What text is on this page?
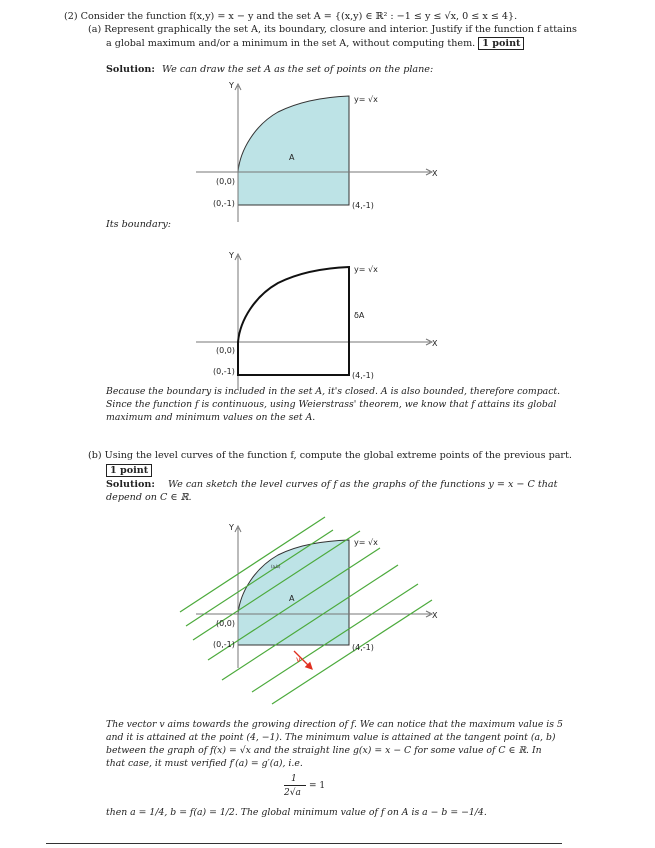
(2) Consider the function f(x,y) = x − y and the set A = {(x,y) ∈ ℝ² : −1 ≤ y ≤ √x, 0 ≤ x ≤ 4}.
(a) Represent graphically the set A, its boundary, closure and interior. Justify if the function f attains
a global maximum and/or a minimum in the set A, without computing them. 1 point
Solution: We can draw the set A as the set of points on the plane:
Its boundary:
Because the boundary is included in the set A, it's closed. A is also bounded, therefore compact.
Since the function f is continuous, using Weierstrass' theorem, we know that f attains its global
maximum and minimum values on the set A.
(b) Using the level curves of the function f, compute the global extreme points of the previous part.
1 point
Solution: We can sketch the level curves of f as the graphs of the functions y = x − C that
depend on C ∈ ℝ.
The vector v aims towards the growing direction of f. We can notice that the maximum value is 5
and it is attained at the point (4, −1). The minimum value is attained at the tangent point (a, b)
between the graph of f(x) = √x and the straight line g(x) = x − C for some value of C ∈ ℝ. In
that case, it must verified f′(a) = g′(a), i.e.
1
2√a
= 1
then a = 1/4, b = f(a) = 1/2. The global minimum value of f on A is a − b = −1/4.
Y
X
y= √x
A
(0,0)
(0,-1)	(4,-1)
Y
X
y= √x
δA
(0,0)
(0,-1)	(4,-1)
Y
X
y= √x
A
(a,b)
(0,0)
(0,-1)	(4,-1)
v
